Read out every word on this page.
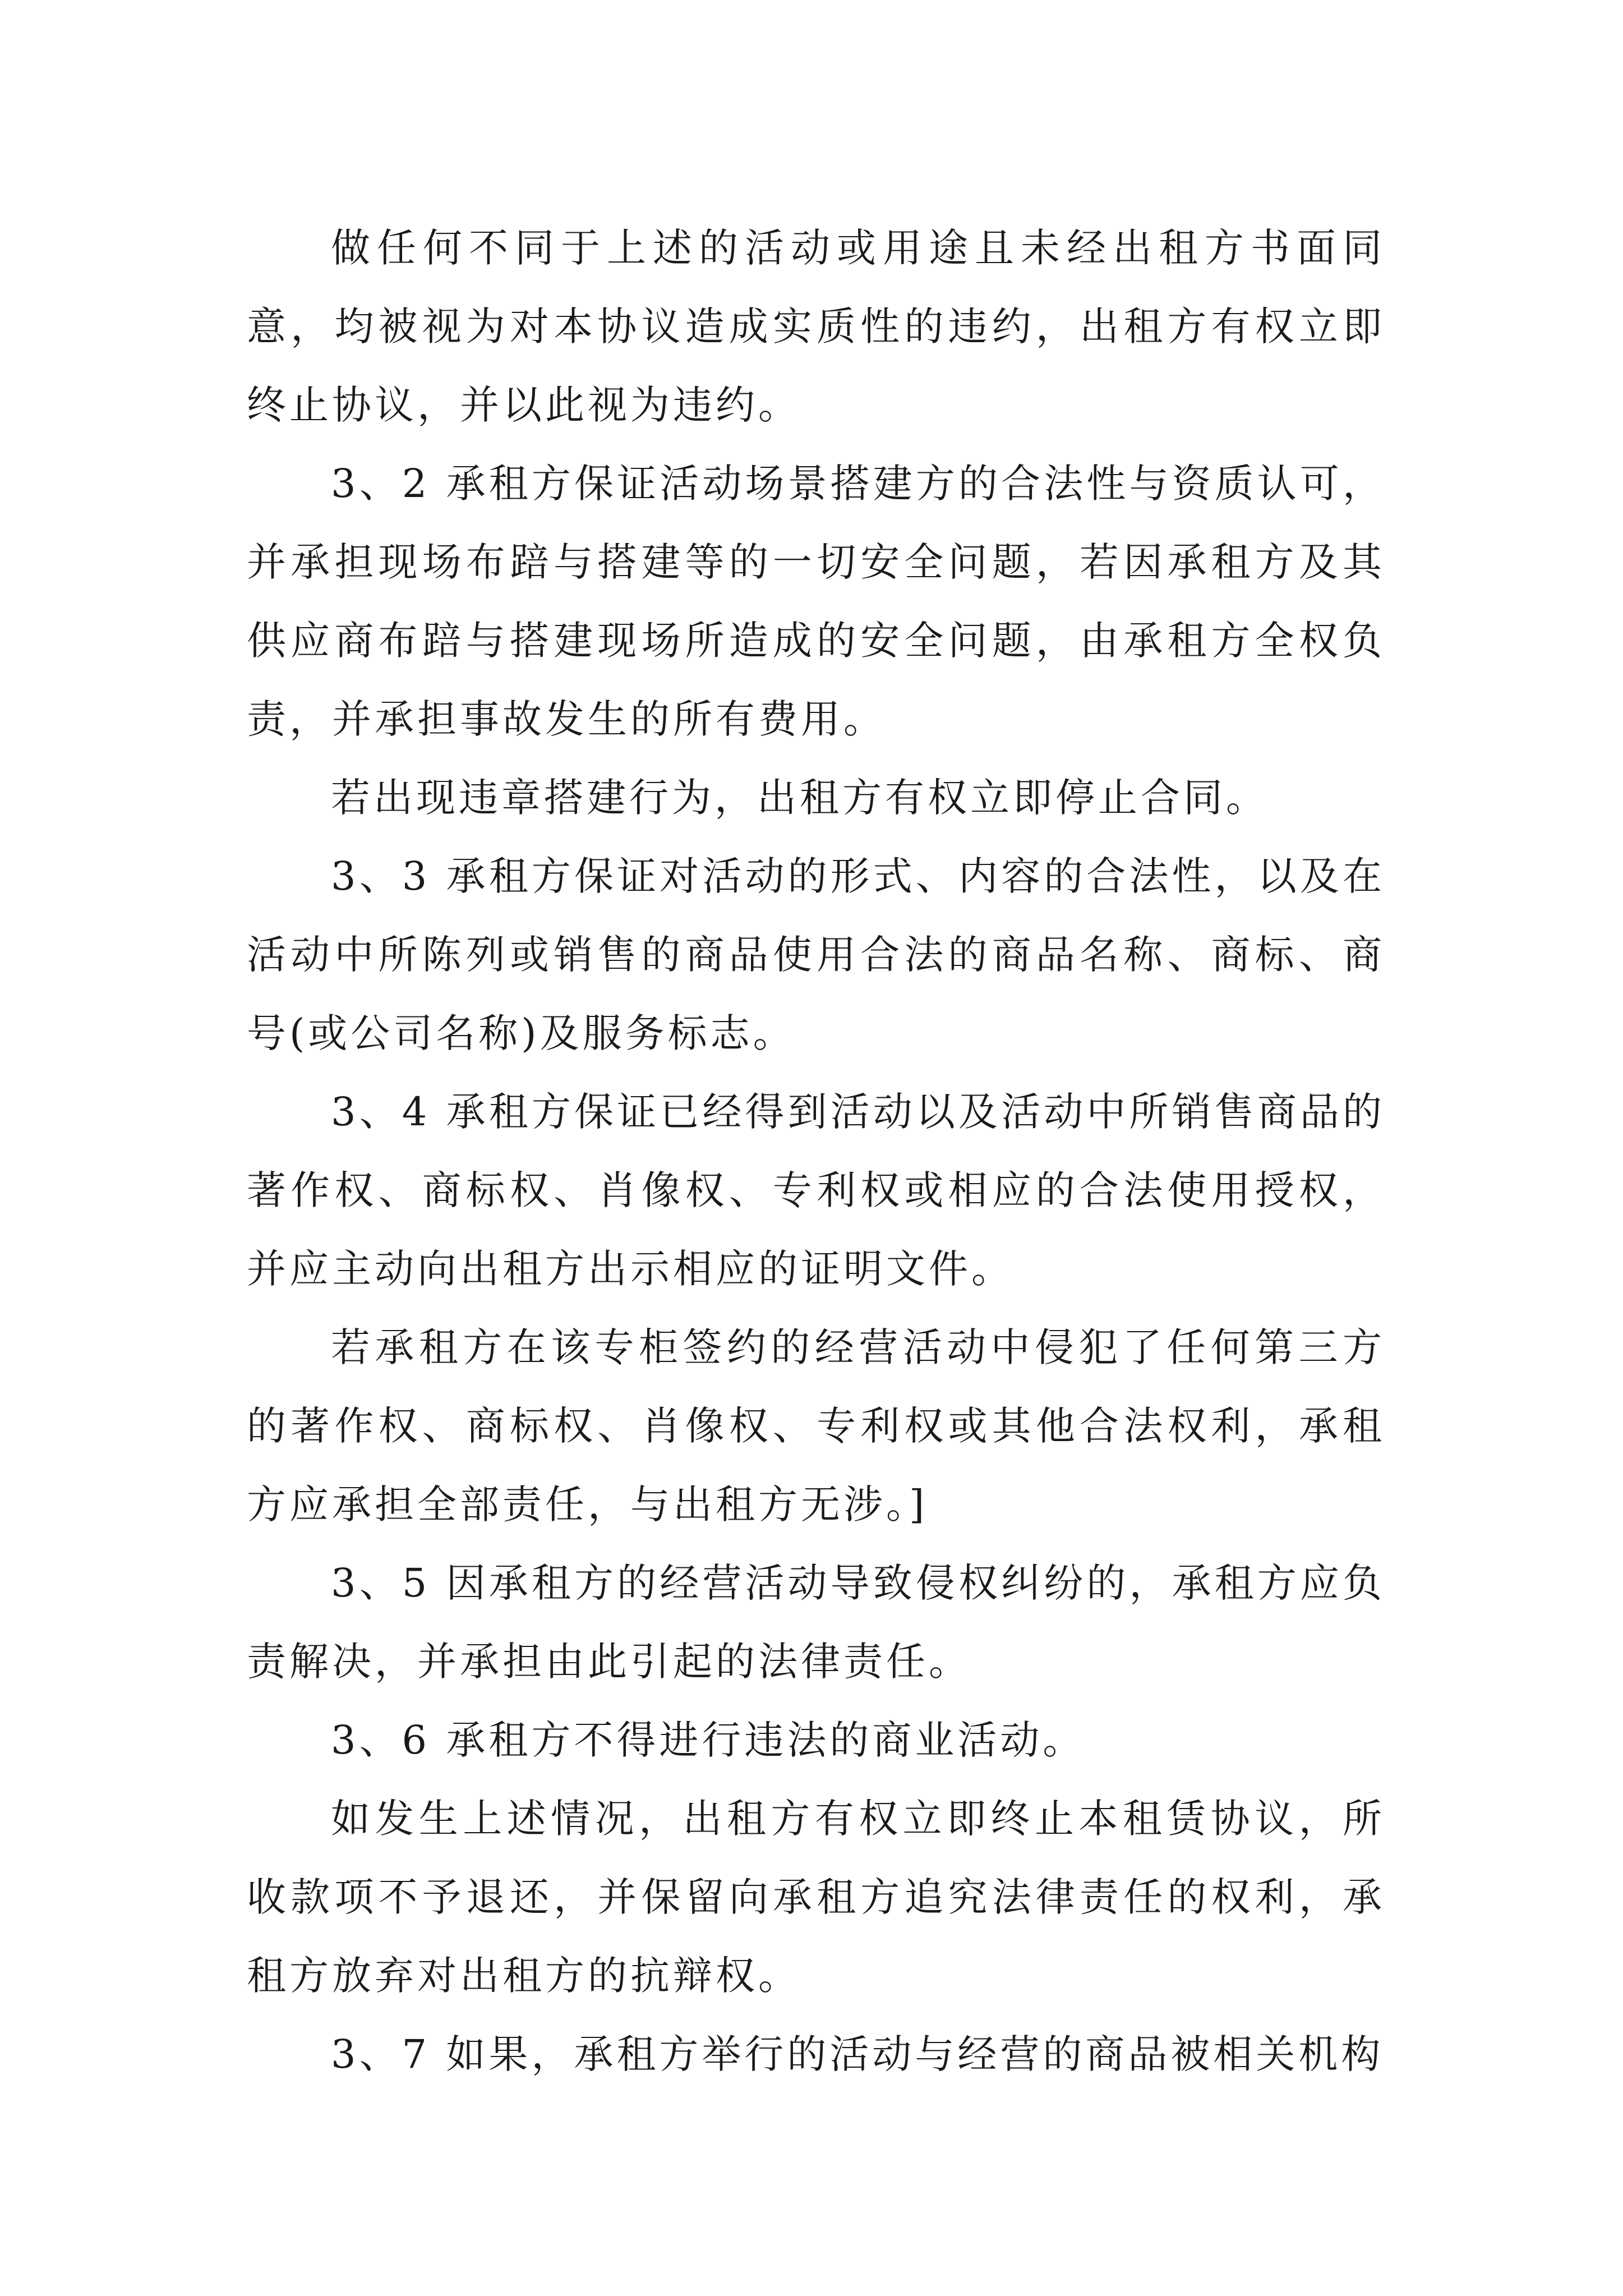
做任何不同于上述的活动或用途且未经出租方书面同意，均被视为对本协议造成实质性的违约，出租方有权立即终止协议，并以此视为违约。

3、2 承租方保证活动场景搭建方的合法性与资质认可，并承担现场布踣与搭建等的一切安全问题，若因承租方及其供应商布踣与搭建现场所造成的安全问题，由承租方全权负责，并承担事故发生的所有费用。

若出现违章搭建行为，出租方有权立即停止合同。

3、3 承租方保证对活动的形式、内容的合法性，以及在活动中所陈列或销售的商品使用合法的商品名称、商标、商号(或公司名称)及服务标志。

3、4 承租方保证已经得到活动以及活动中所销售商品的著作权、商标权、肖像权、专利权或相应的合法使用授权，并应主动向出租方出示相应的证明文件。

若承租方在该专柜签约的经营活动中侵犯了任何第三方的著作权、商标权、肖像权、专利权或其他合法权利，承租方应承担全部责任，与出租方无涉。]

3、5 因承租方的经营活动导致侵权纠纷的，承租方应负责解决，并承担由此引起的法律责任。

3、6 承租方不得进行违法的商业活动。

如发生上述情况，出租方有权立即终止本租赁协议，所收款项不予退还，并保留向承租方追究法律责任的权利，承租方放弃对出租方的抗辩权。

3、7 如果，承租方举行的活动与经营的商品被相关机构
